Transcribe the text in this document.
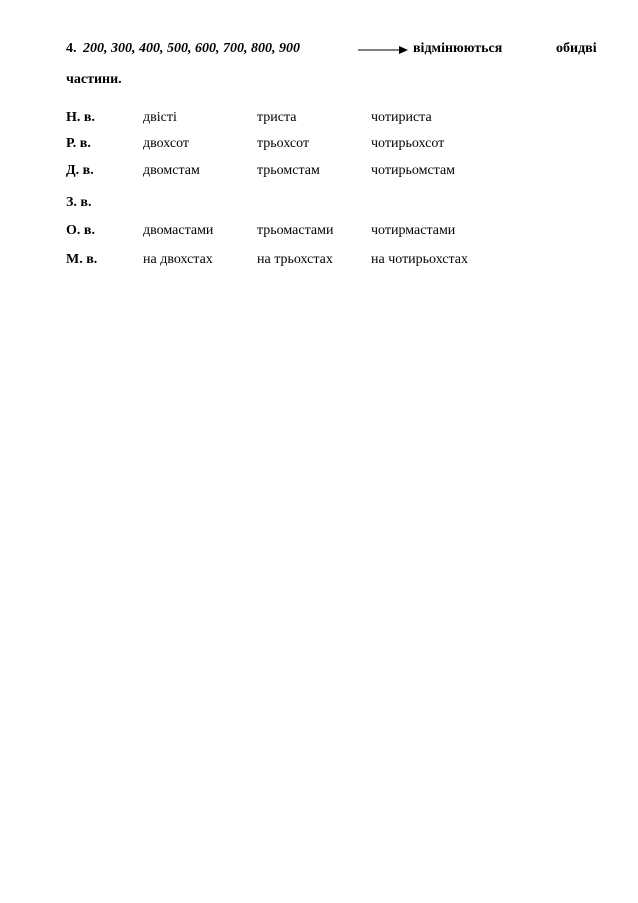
4. 200, 300, 400, 500, 600, 700, 800, 900	відмінюються	обидві
частини.
Н. в.	двісті	триста	чотириста
Р. в.	двохсот	трьохсот	чотирьохсот
Д. в.	двомстам	трьомстам	чотирьомстам
З. в.
О. в.	двомастами	трьомастами	чотирмастами
М. в.	на двохстах	на трьохстах	на чотирьохстах
